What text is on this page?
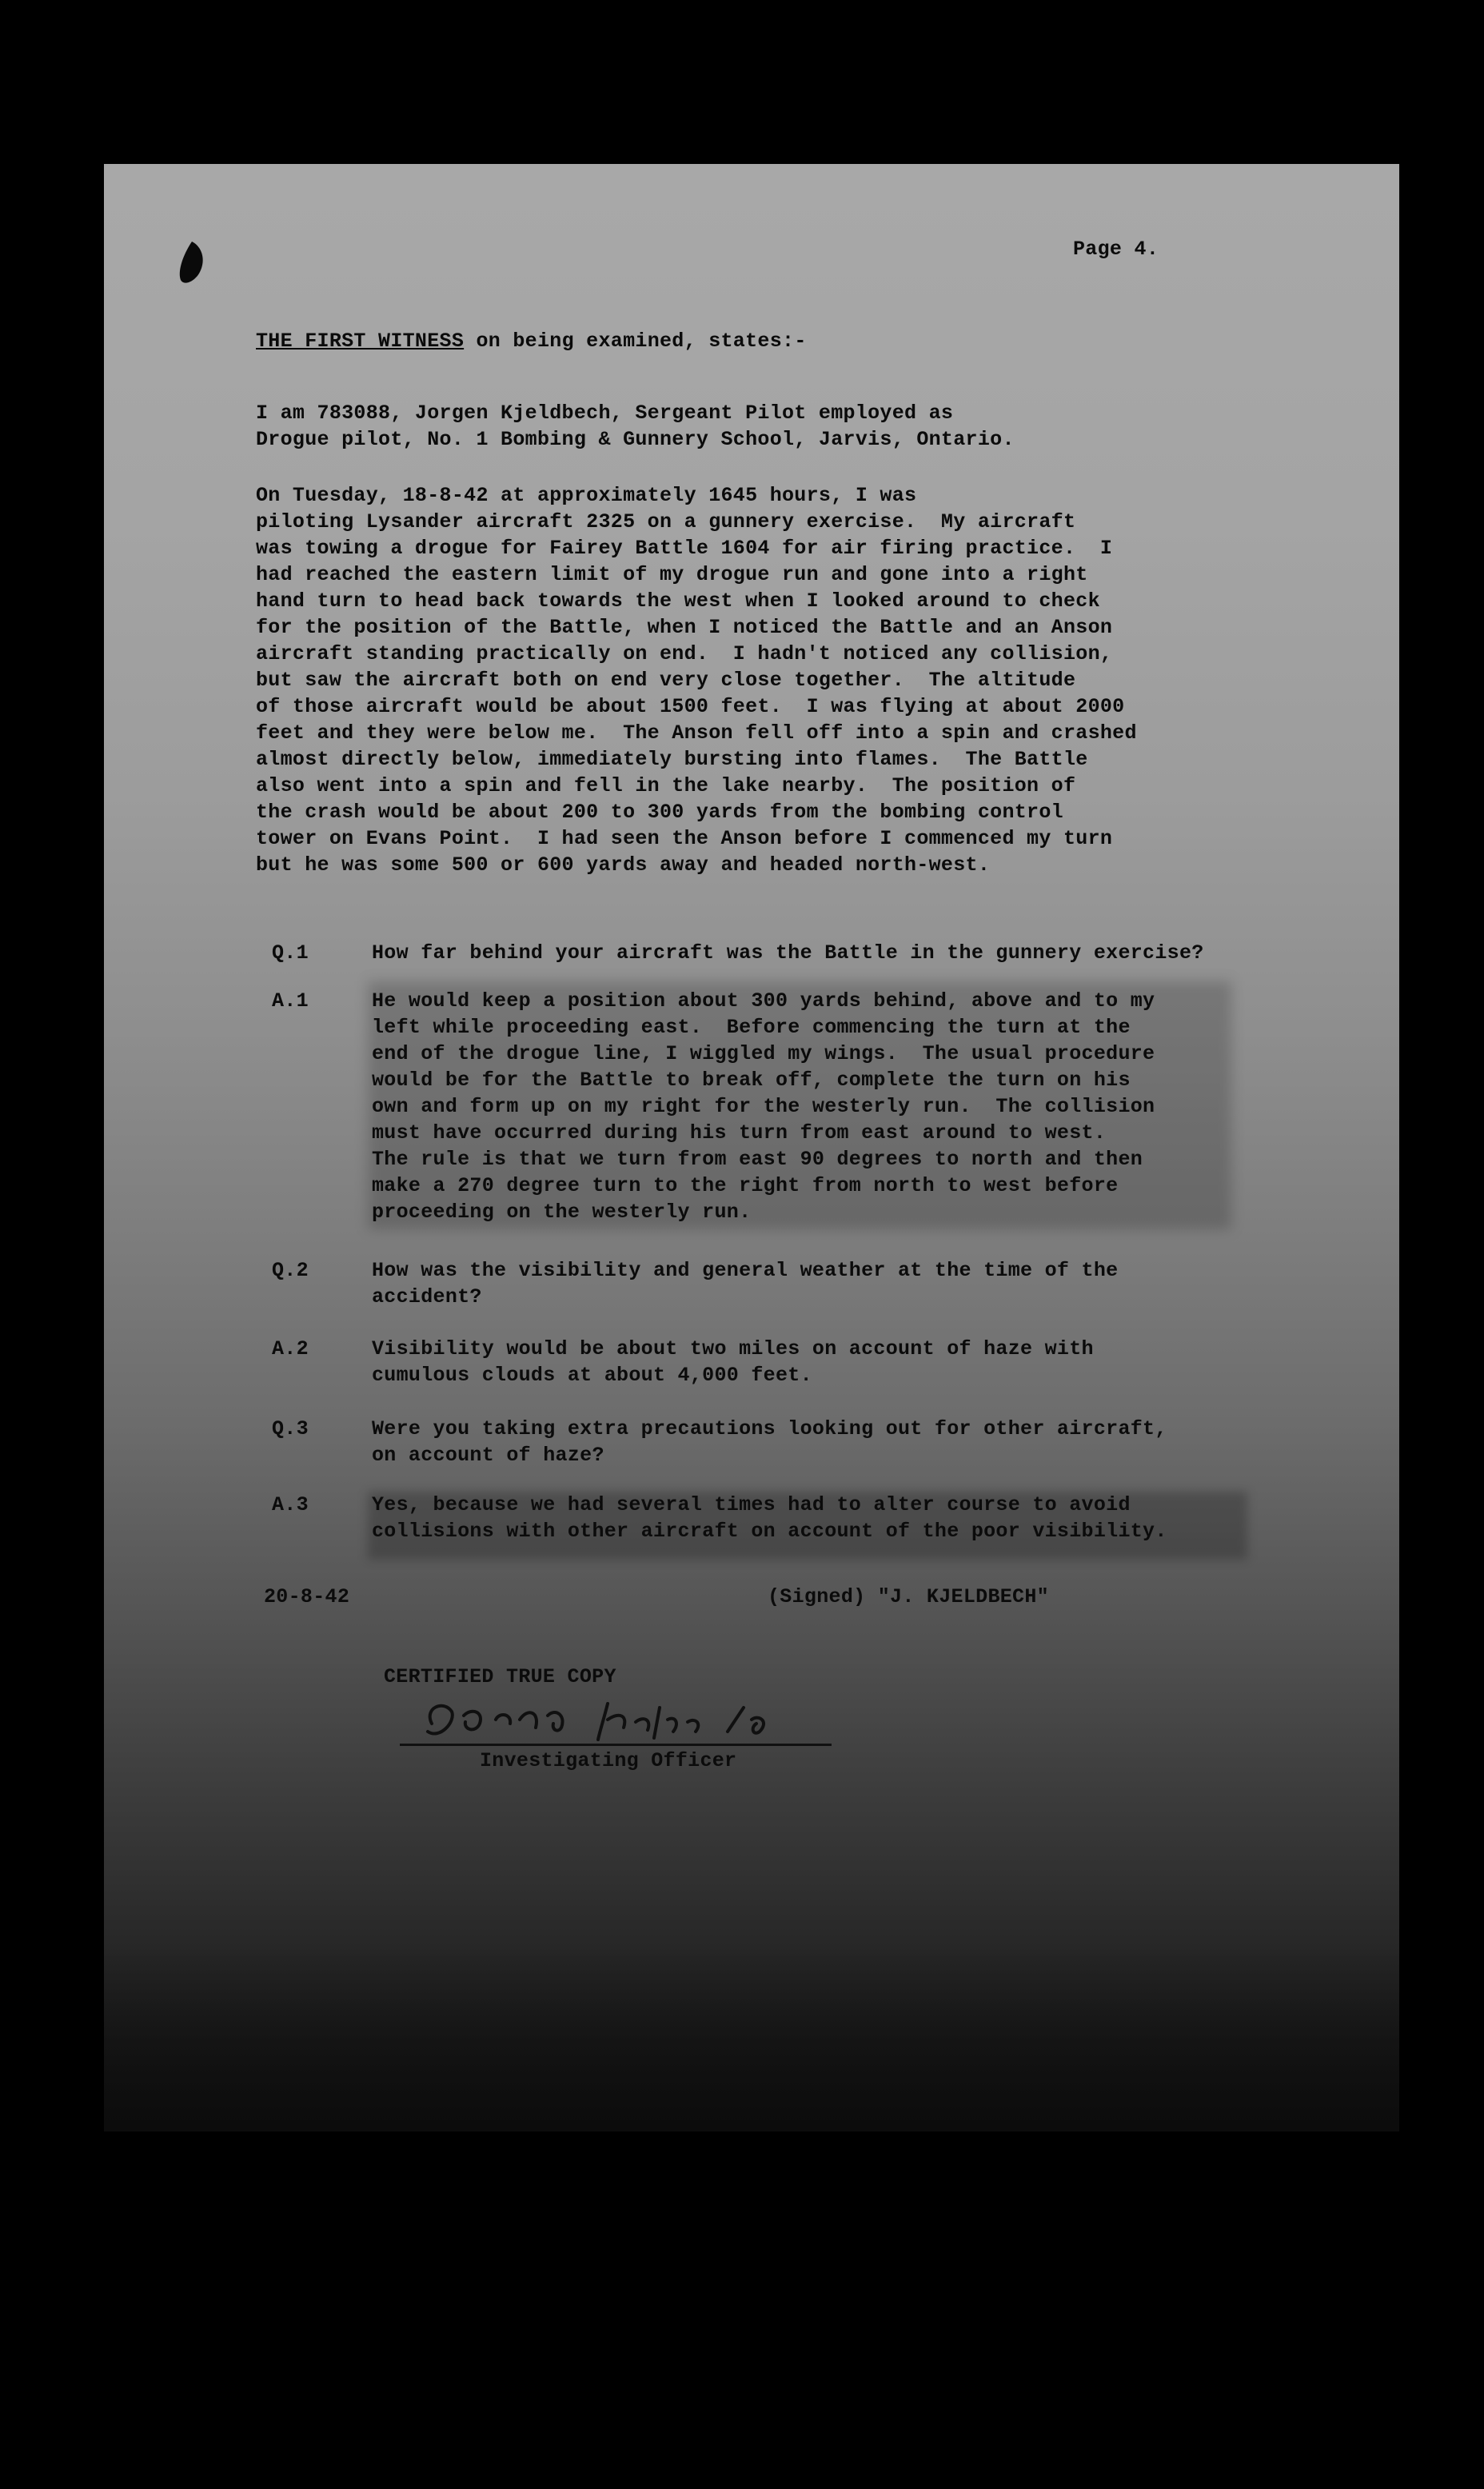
Page 4.
THE FIRST WITNESS on being examined, states:-
I am 783088, Jorgen Kjeldbech, Sergeant Pilot employed as
Drogue pilot, No. 1 Bombing & Gunnery School, Jarvis, Ontario.
On Tuesday, 18-8-42 at approximately 1645 hours, I was
piloting Lysander aircraft 2325 on a gunnery exercise.  My aircraft
was towing a drogue for Fairey Battle 1604 for air firing practice.  I
had reached the eastern limit of my drogue run and gone into a right
hand turn to head back towards the west when I looked around to check
for the position of the Battle, when I noticed the Battle and an Anson
aircraft standing practically on end.  I hadn't noticed any collision,
but saw the aircraft both on end very close together.  The altitude
of those aircraft would be about 1500 feet.  I was flying at about 2000
feet and they were below me.  The Anson fell off into a spin and crashed
almost directly below, immediately bursting into flames.  The Battle
also went into a spin and fell in the lake nearby.  The position of
the crash would be about 200 to 300 yards from the bombing control
tower on Evans Point.  I had seen the Anson before I commenced my turn
but he was some 500 or 600 yards away and headed north-west.
Q.1	How far behind your aircraft was the Battle in the gunnery exercise?
A.1	He would keep a position about 300 yards behind, above and to my
left while proceeding east.  Before commencing the turn at the
end of the drogue line, I wiggled my wings.  The usual procedure
would be for the Battle to break off, complete the turn on his
own and form up on my right for the westerly run.  The collision
must have occurred during his turn from east around to west.
The rule is that we turn from east 90 degrees to north and then
make a 270 degree turn to the right from north to west before
proceeding on the westerly run.
Q.2	How was the visibility and general weather at the time of the
accident?
A.2	Visibility would be about two miles on account of haze with
cumulous clouds at about 4,000 feet.
Q.3	Were you taking extra precautions looking out for other aircraft,
on account of haze?
A.3	Yes, because we had several times had to alter course to avoid
collisions with other aircraft on account of the poor visibility.
20-8-42	(Signed) "J. KJELDBECH"
CERTIFIED TRUE COPY
Investigating Officer
